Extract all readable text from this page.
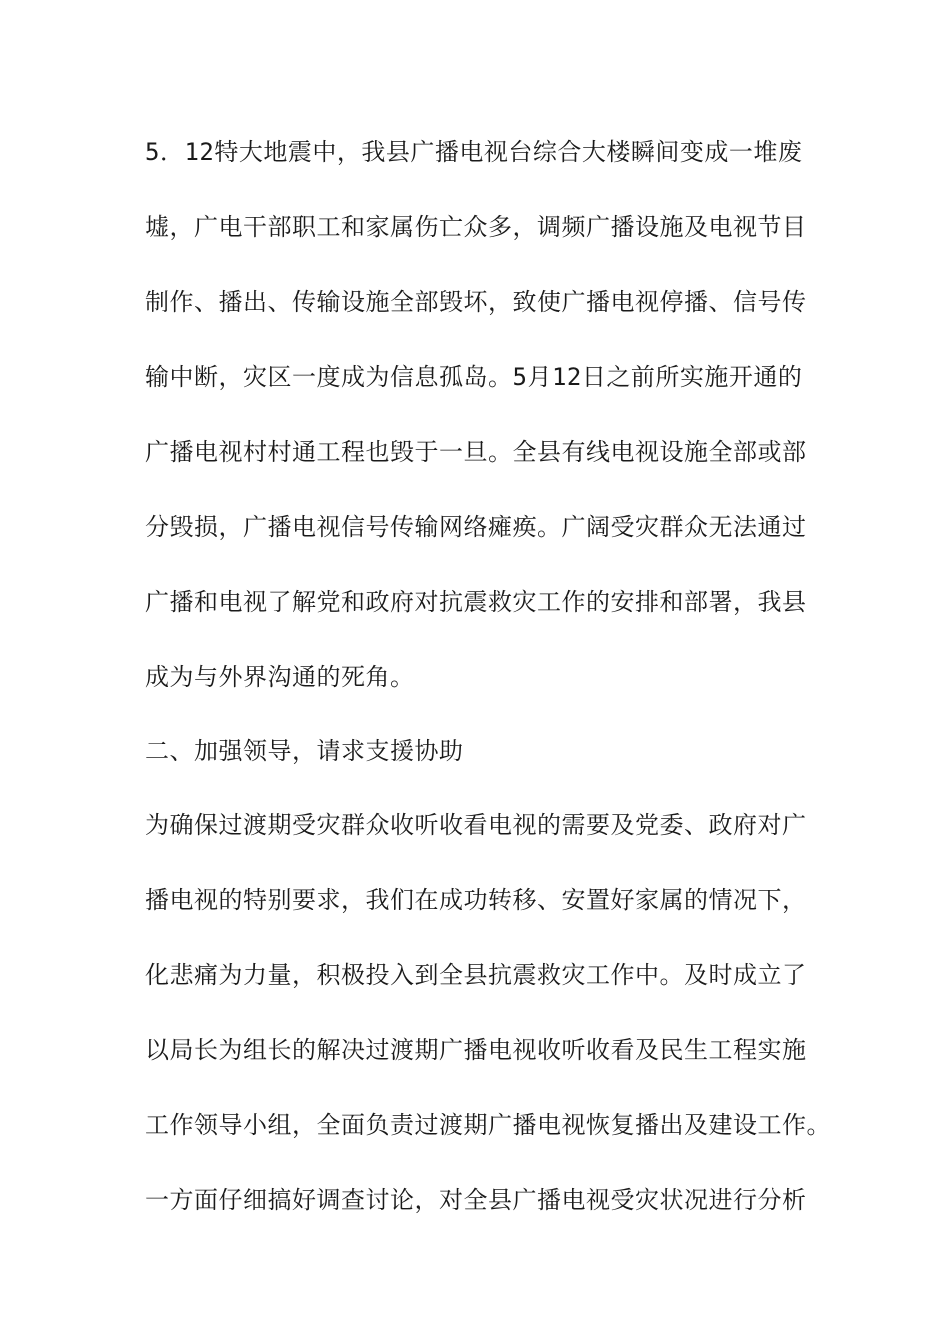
5．12特大地震中，我县广播电视台综合大楼瞬间变成一堆废

墟，广电干部职工和家属伤亡众多，调频广播设施及电视节目

制作、播出、传输设施全部毁坏，致使广播电视停播、信号传

输中断，灾区一度成为信息孤岛。5月12日之前所实施开通的

广播电视村村通工程也毁于一旦。全县有线电视设施全部或部

分毁损，广播电视信号传输网络瘫痪。广阔受灾群众无法通过

广播和电视了解党和政府对抗震救灾工作的安排和部署，我县

成为与外界沟通的死角。

二、加强领导，请求支援协助

为确保过渡期受灾群众收听收看电视的需要及党委、政府对广

播电视的特别要求，我们在成功转移、安置好家属的情况下，

化悲痛为力量，积极投入到全县抗震救灾工作中。及时成立了

以局长为组长的解决过渡期广播电视收听收看及民生工程实施

工作领导小组，全面负责过渡期广播电视恢复播出及建设工作。

一方面仔细搞好调查讨论，对全县广播电视受灾状况进行分析
